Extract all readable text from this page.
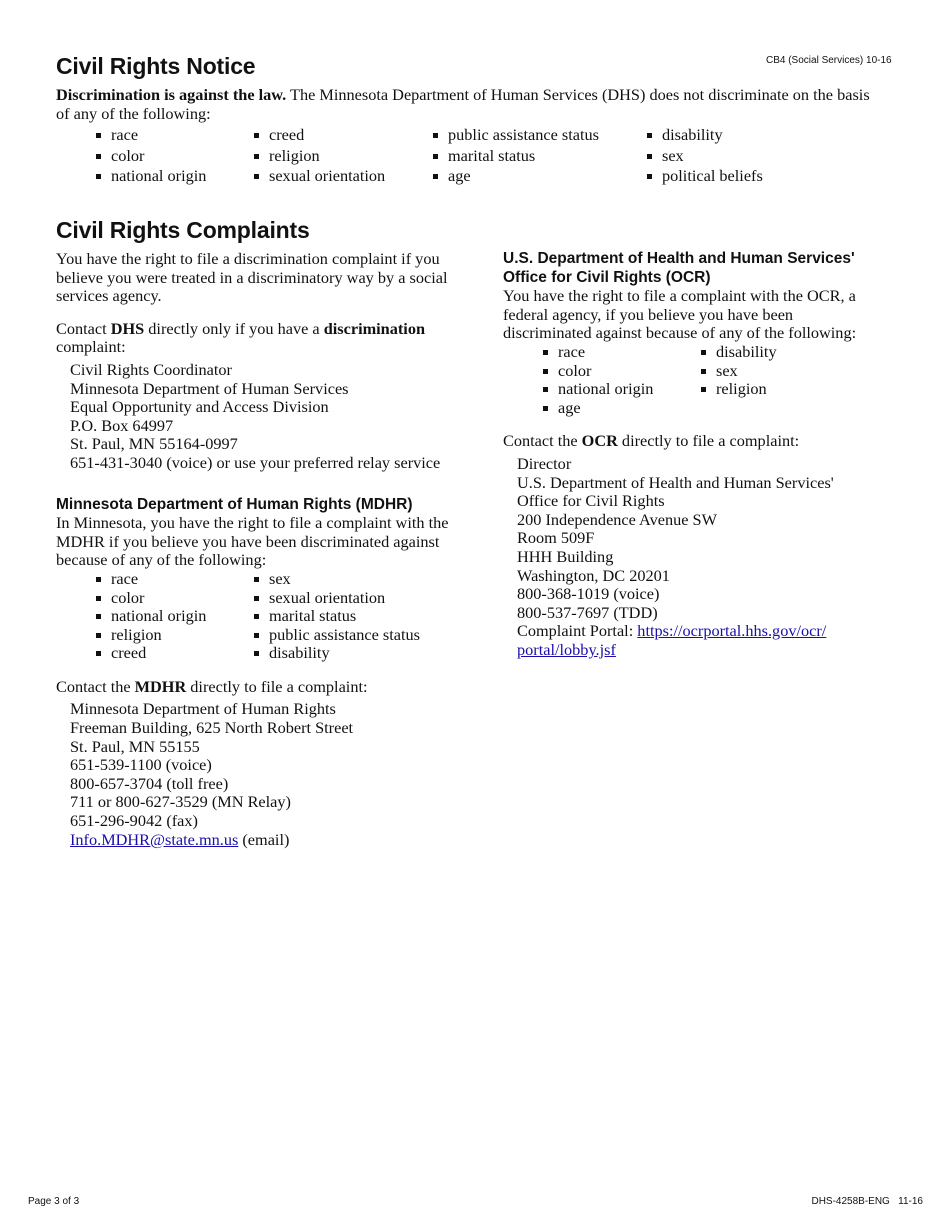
CB4 (Social Services) 10-16
Civil Rights Notice
Discrimination is against the law. The Minnesota Department of Human Services (DHS) does not discriminate on the basis of any of the following:
race
color
national origin
creed
religion
sexual orientation
public assistance status
marital status
age
disability
sex
political beliefs
Civil Rights Complaints

You have the right to file a discrimination complaint if you believe you were treated in a discriminatory way by a social services agency.

Contact DHS directly only if you have a discrimination complaint:

Civil Rights Coordinator
Minnesota Department of Human Services
Equal Opportunity and Access Division
P.O. Box 64997
St. Paul, MN 55164-0997
651-431-3040 (voice) or use your preferred relay service
Minnesota Department of Human Rights (MDHR)

In Minnesota, you have the right to file a complaint with the MDHR if you believe you have been discriminated against because of any of the following:

race
color
national origin
religion
creed
sex
sexual orientation
marital status
public assistance status
disability

Contact the MDHR directly to file a complaint:

Minnesota Department of Human Rights
Freeman Building, 625 North Robert Street
St. Paul, MN 55155
651-539-1100 (voice)
800-657-3704 (toll free)
711 or 800-627-3529 (MN Relay)
651-296-9042 (fax)
Info.MDHR@state.mn.us (email)
U.S. Department of Health and Human Services'
Office for Civil Rights (OCR)

You have the right to file a complaint with the OCR, a federal agency, if you believe you have been discriminated against because of any of the following:

race
color
national origin
age
disability
sex
religion

Contact the OCR directly to file a complaint:

Director
U.S. Department of Health and Human Services'
Office for Civil Rights
200 Independence Avenue SW
Room 509F
HHH Building
Washington, DC 20201
800-368-1019 (voice)
800-537-7697 (TDD)
Complaint Portal: https://ocrportal.hhs.gov/ocr/
portal/lobby.jsf
Page 3 of 3	DHS-4258B-ENG   11-16
